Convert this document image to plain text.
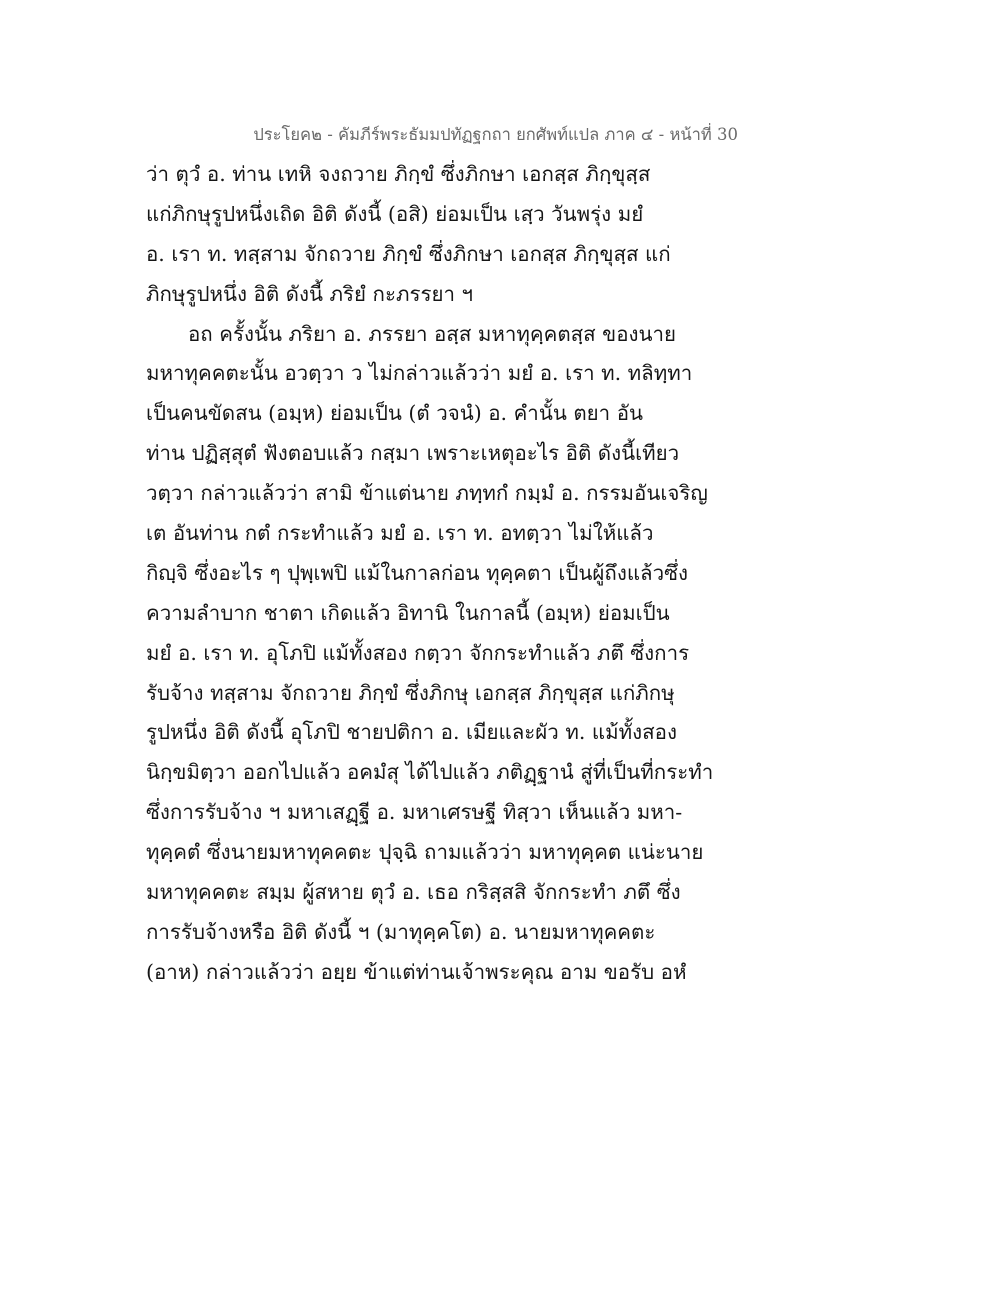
ประโยค๒ - คัมภีร์พระธัมมปทัฏฐกถา ยกศัพท์แปล ภาค ๔ - หน้าที่ 30
ว่า ตุวํ อ. ท่าน เทหิ จงถวาย ภิกฺขํ ซึ่งภิกษา เอกสฺส ภิกฺขุสฺส
แก่ภิกษุรูปหนึ่งเถิด อิติ ดังนี้ (อสิ) ย่อมเป็น เสฺว วันพรุ่ง มยํ
อ. เรา ท. ทสฺสาม จักถวาย ภิกฺขํ ซึ่งภิกษา เอกสฺส ภิกฺขุสฺส แก่
ภิกษุรูปหนึ่ง อิติ ดังนี้ ภริยํ กะภรรยา ฯ
อถ ครั้งนั้น ภริยา อ. ภรรยา อสฺส มหาทุคฺคตสฺส ของนาย
มหาทุคคตะนั้น อวตฺวา ว ไม่กล่าวแล้วว่า มยํ อ. เรา ท. ทลิทฺทา
เป็นคนขัดสน (อมฺห) ย่อมเป็น (ตํ วจนํ) อ. คำนั้น ตยา อัน
ท่าน ปฏิสฺสุตํ ฟังตอบแล้ว กสฺมา เพราะเหตุอะไร อิติ ดังนี้เทียว
วตฺวา กล่าวแล้วว่า สามิ ข้าแต่นาย ภทฺทกํ กมฺมํ อ. กรรมอันเจริญ
เต อันท่าน กตํ กระทำแล้ว มยํ อ. เรา ท. อทตฺวา ไม่ให้แล้ว
กิญฺจิ ซึ่งอะไร ๆ ปุพฺเพปิ แม้ในกาลก่อน ทุคฺคตา เป็นผู้ถึงแล้วซึ่ง
ความลำบาก ชาตา เกิดแล้ว อิทานิ ในกาลนี้ (อมฺห) ย่อมเป็น
มยํ อ. เรา ท. อุโภปิ แม้ทั้งสอง กตฺวา จักกระทำแล้ว ภตึ ซึ่งการ
รับจ้าง ทสฺสาม จักถวาย ภิกฺขํ ซึ่งภิกษุ เอกสฺส ภิกฺขุสฺส แก่ภิกษุ
รูปหนึ่ง อิติ ดังนี้ อุโภปิ ชายปติกา อ. เมียและผัว ท. แม้ทั้งสอง
นิกฺขมิตฺวา ออกไปแล้ว อคมํสุ ได้ไปแล้ว ภติฏฺฐานํ สู่ที่เป็นที่กระทำ
ซึ่งการรับจ้าง ฯ มหาเสฏฺฐี อ. มหาเศรษฐี ทิสฺวา เห็นแล้ว มหา-
ทุคฺคตํ ซึ่งนายมหาทุคคตะ ปุจฺฉิ ถามแล้วว่า มหาทุคฺคต แน่ะนาย
มหาทุคคตะ สมฺม ผู้สหาย ตุวํ อ. เธอ กริสฺสสิ จักกระทำ ภตึ ซึ่ง
การรับจ้างหรือ อิติ ดังนี้ ฯ (มาทุคฺคโต) อ. นายมหาทุคคตะ
(อาห) กล่าวแล้วว่า อยฺย ข้าแต่ท่านเจ้าพระคุณ อาม ขอรับ อหํ
